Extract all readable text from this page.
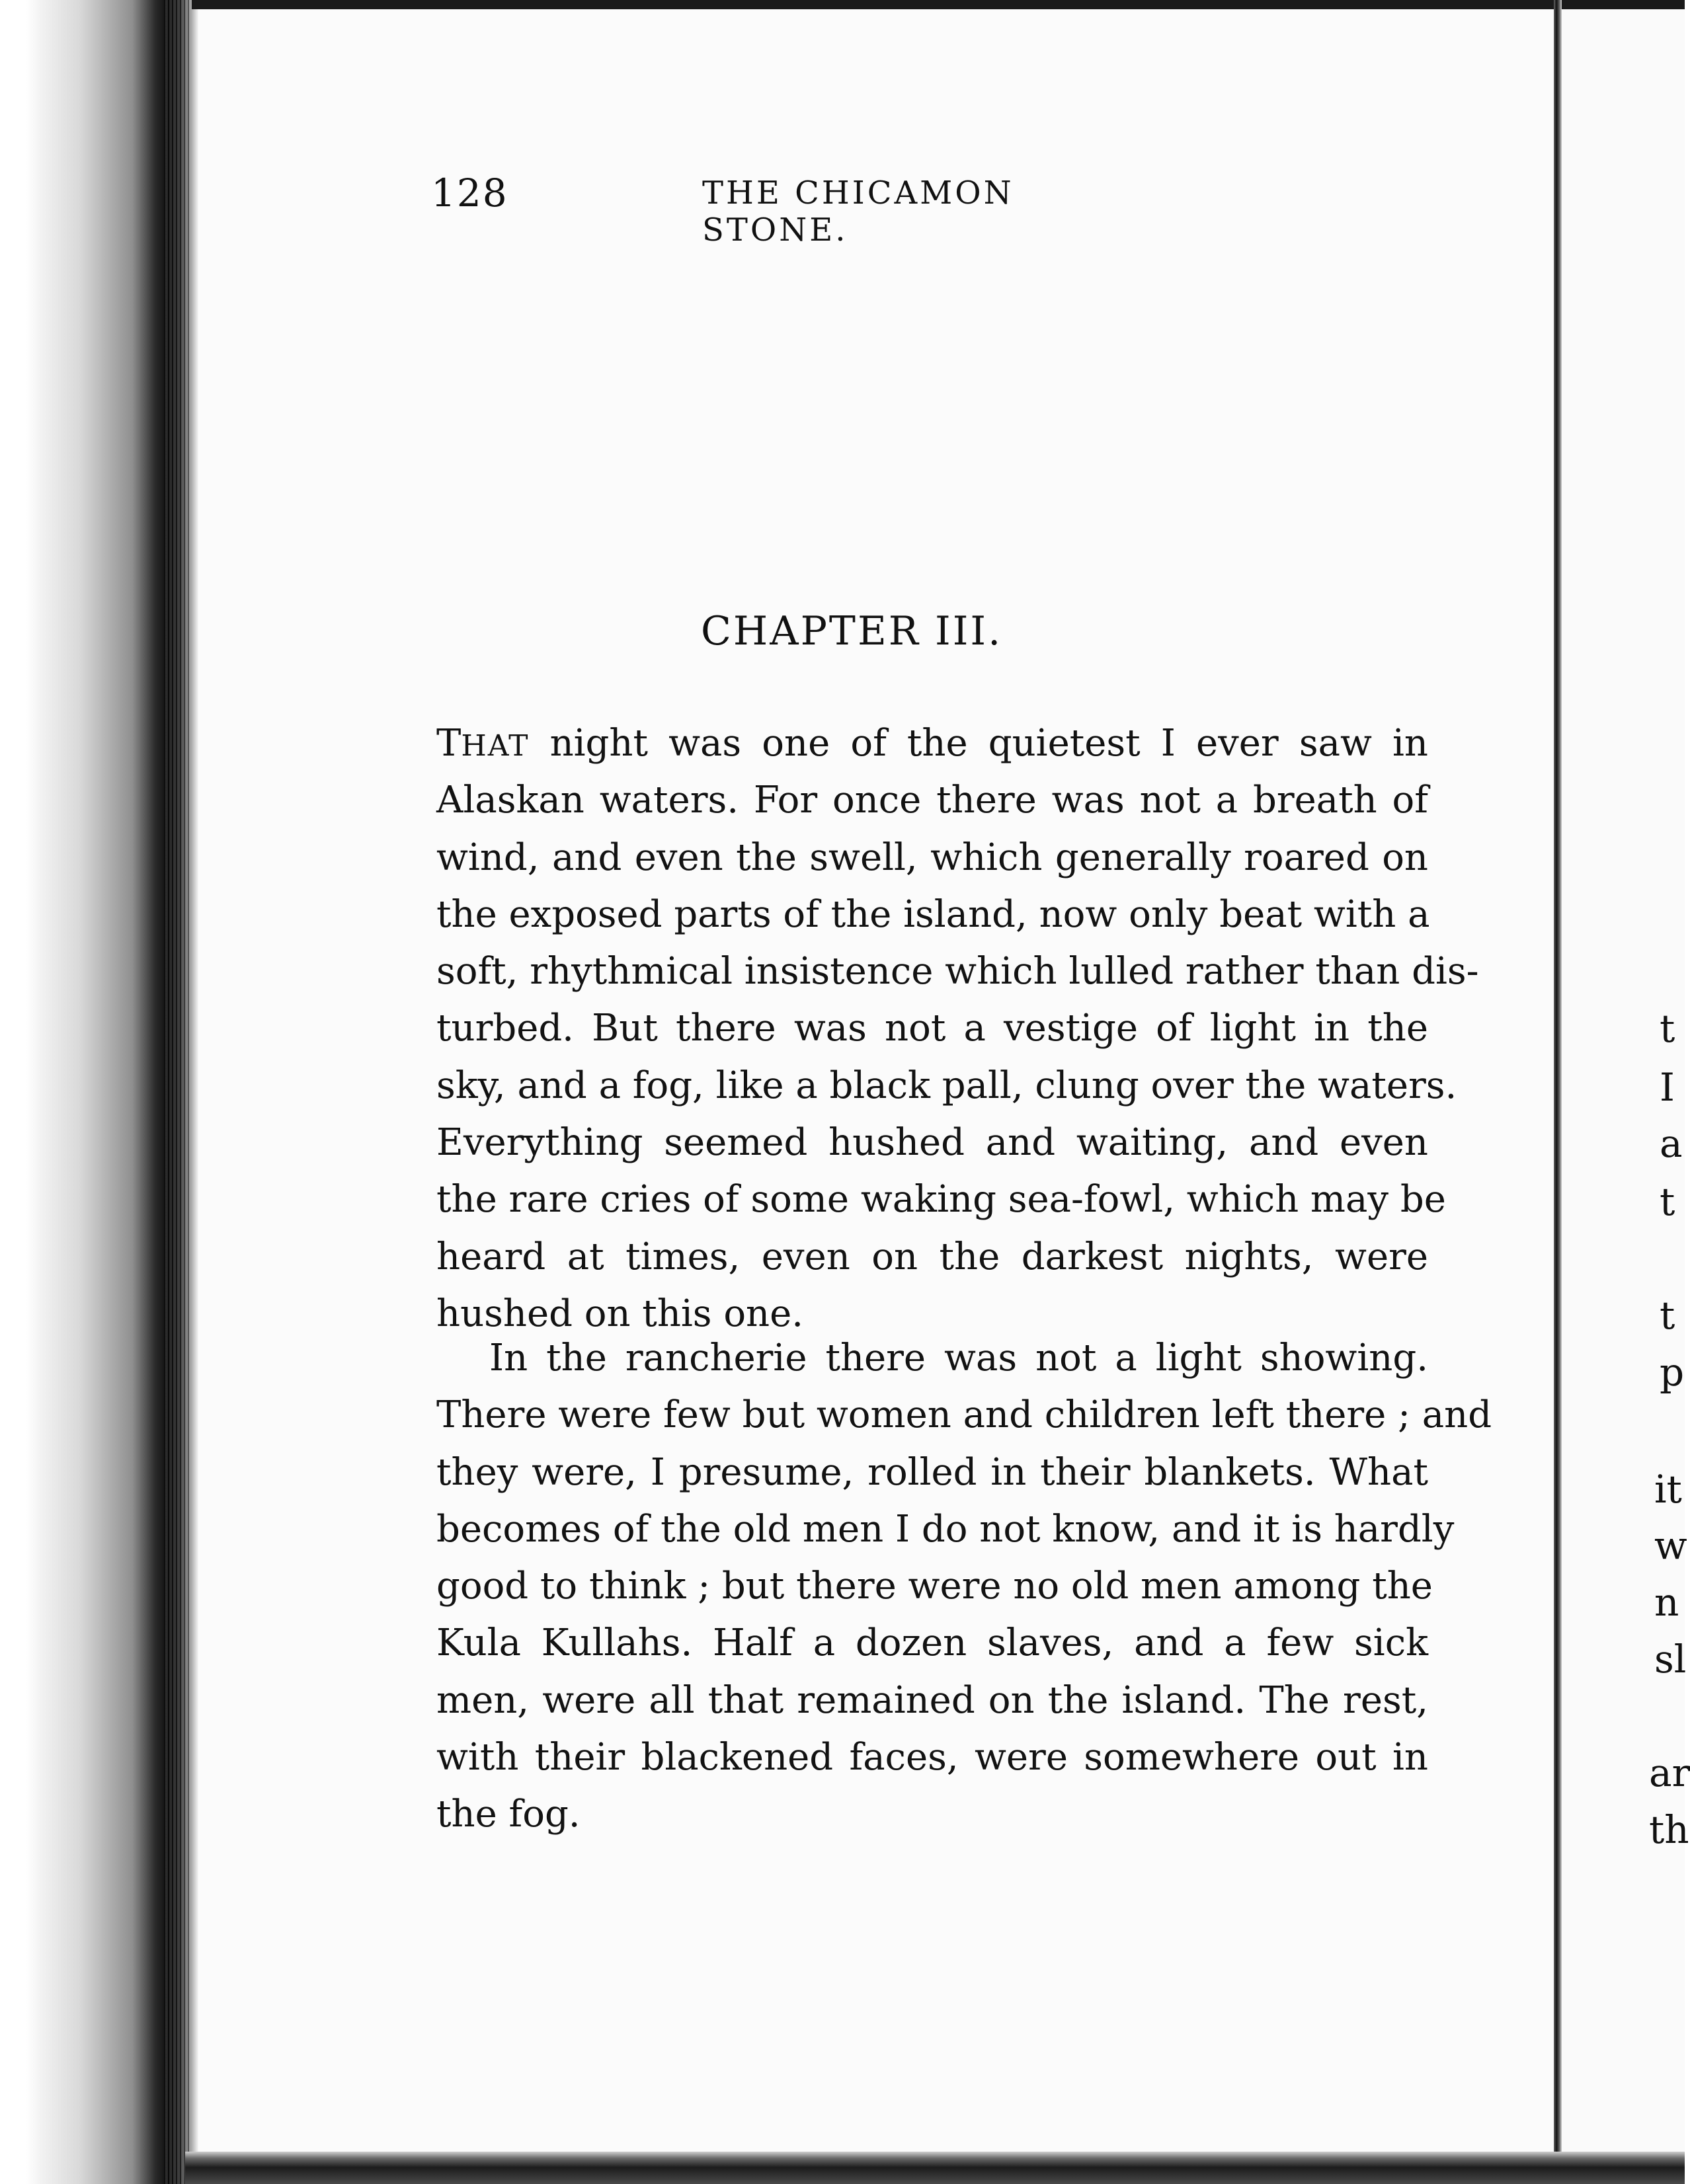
t
I
a
t
t
p
it
w
n
sl
ar
th
128	THE CHICAMON STONE.
CHAPTER III.
THAT night was one of the quietest I ever saw in
Alaskan waters. For once there was not a breath of
wind, and even the swell, which generally roared on
the exposed parts of the island, now only beat with a
soft, rhythmical insistence which lulled rather than dis-
turbed. But there was not a vestige of light in the
sky, and a fog, like a black pall, clung over the waters.
Everything seemed hushed and waiting, and even
the rare cries of some waking sea-fowl, which may be
heard at times, even on the darkest nights, were
hushed on this one.
In the rancherie there was not a light showing.
There were few but women and children left there ; and
they were, I presume, rolled in their blankets. What
becomes of the old men I do not know, and it is hardly
good to think ; but there were no old men among the
Kula Kullahs. Half a dozen slaves, and a few sick
men, were all that remained on the island. The rest,
with their blackened faces, were somewhere out in
the fog.
